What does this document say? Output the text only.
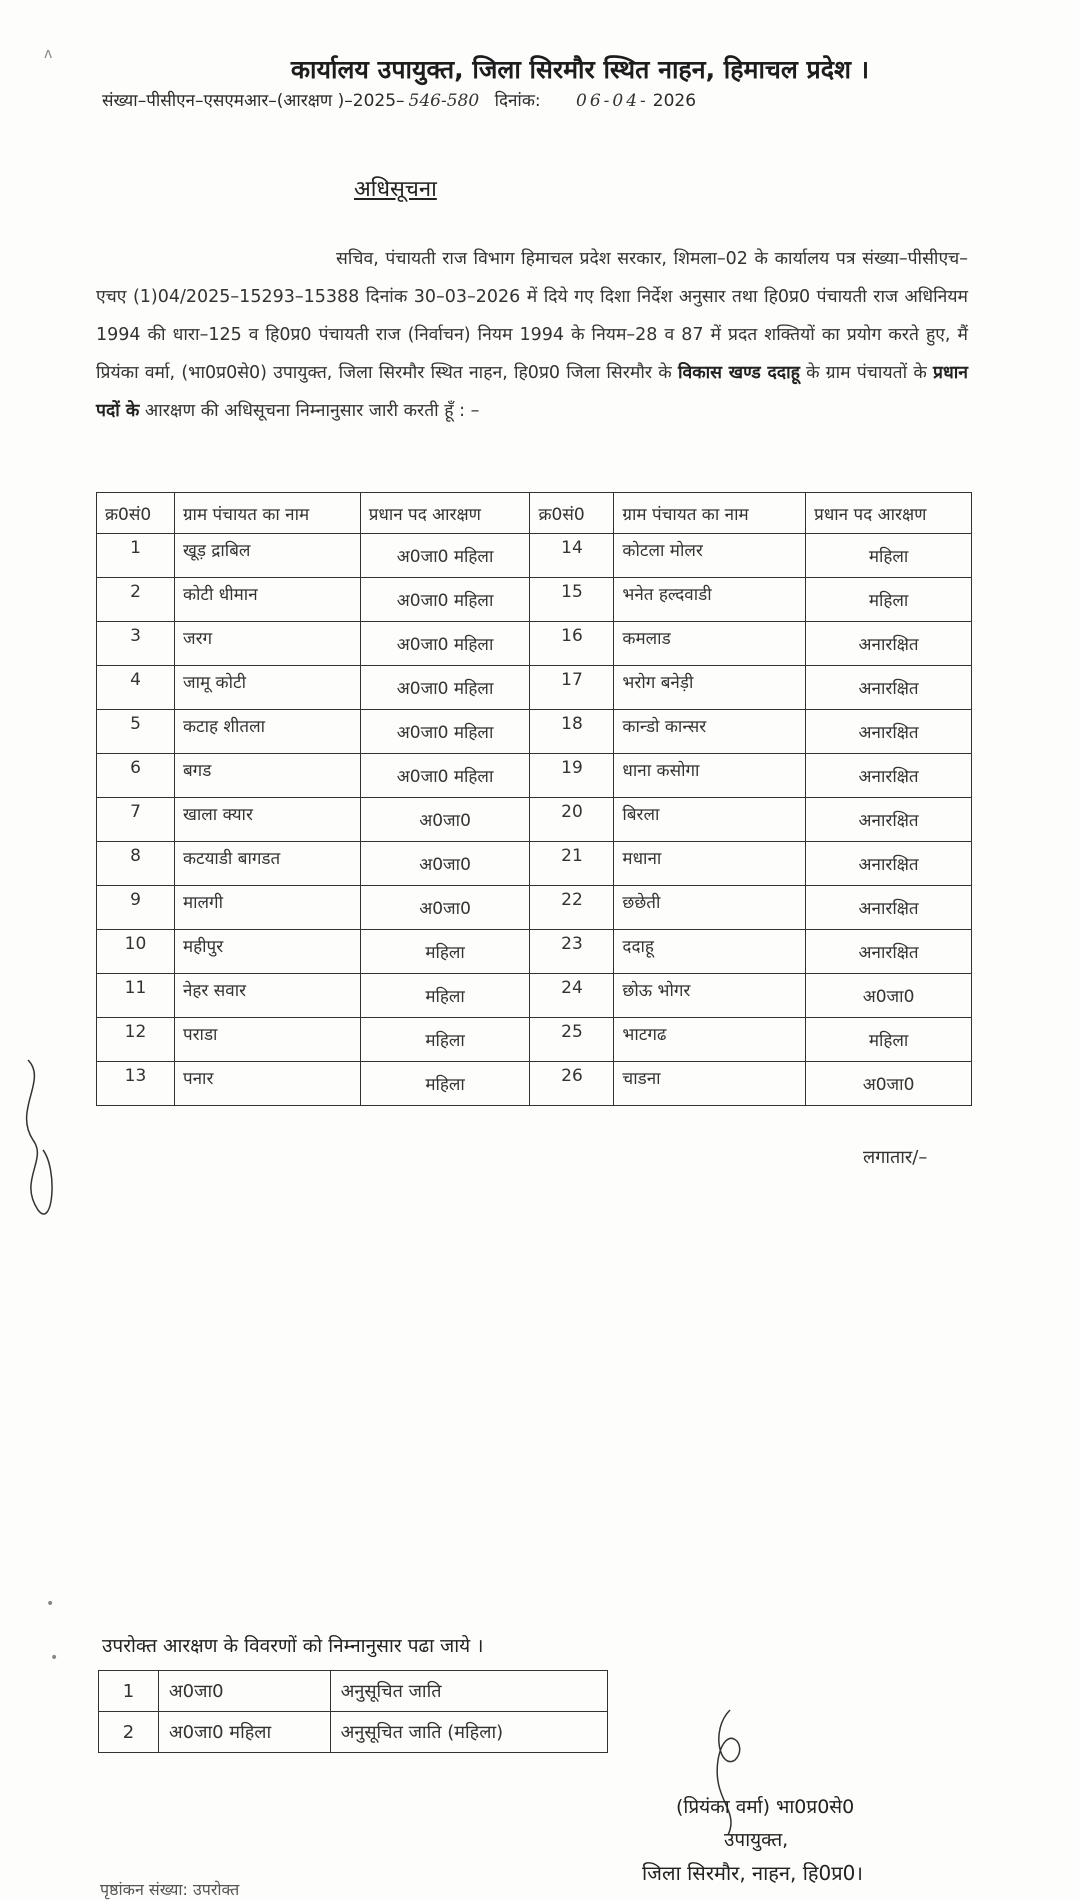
ʌ
•
•
कार्यालय उपायुक्त, जिला सिरमौर स्थित नाहन, हिमाचल प्रदेश ।
संख्या–पीसीएन–एसएमआर–(आरक्षण )–2025– 546-580 दिनांक: 06-04- 2026
अधिसूचना
सचिव, पंचायती राज विभाग हिमाचल प्रदेश सरकार, शिमला–02 के कार्यालय पत्र संख्या–पीसीएच–एचए (1)04/2025–15293–15388 दिनांक 30–03–2026 में दिये गए दिशा निर्देश अनुसार तथा हि0प्र0 पंचायती राज अधिनियम 1994 की धारा–125 व हि0प्र0 पंचायती राज (निर्वाचन) नियम 1994 के नियम–28 व 87 में प्रदत शक्तियों का प्रयोग करते हुए, मैं प्रियंका वर्मा, (भा0प्र0से0) उपायुक्त, जिला सिरमौर स्थित नाहन, हि0प्र0 जिला सिरमौर के विकास खण्ड ददाहू के ग्राम पंचायतों के प्रधान पदों के आरक्षण की अधिसूचना निम्नानुसार जारी करती हूँ : –
क्र0सं0	ग्राम पंचायत का नाम	प्रधान पद आरक्षण	क्र0सं0	ग्राम पंचायत का नाम	प्रधान पद आरक्षण
1	खूड़ द्राबिल	अ0जा0 महिला	14	कोटला मोलर	महिला
2	कोटी धीमान	अ0जा0 महिला	15	भनेत हल्दवाडी	महिला
3	जरग	अ0जा0 महिला	16	कमलाड	अनारक्षित
4	जामू कोटी	अ0जा0 महिला	17	भरोग बनेड़ी	अनारक्षित
5	कटाह शीतला	अ0जा0 महिला	18	कान्डो कान्सर	अनारक्षित
6	बगड	अ0जा0 महिला	19	धाना कसोगा	अनारक्षित
7	खाला क्यार	अ0जा0	20	बिरला	अनारक्षित
8	कटयाडी बागडत	अ0जा0	21	मधाना	अनारक्षित
9	मालगी	अ0जा0	22	छछेती	अनारक्षित
10	महीपुर	महिला	23	ददाहू	अनारक्षित
11	नेहर सवार	महिला	24	छोऊ भोगर	अ0जा0
12	पराडा	महिला	25	भाटगढ	महिला
13	पनार	महिला	26	चाडना	अ0जा0
लगातार/–
उपरोक्त आरक्षण के विवरणों को निम्नानुसार पढा जाये ।
1	अ0जा0	अनुसूचित जाति
2	अ0जा0 महिला	अनुसूचित जाति (महिला)
(प्रियंका वर्मा) भा0प्र0से0
उपायुक्त,
जिला सिरमौर, नाहन, हि0प्र0।
पृष्ठांकन संख्या: उपरोक्त
